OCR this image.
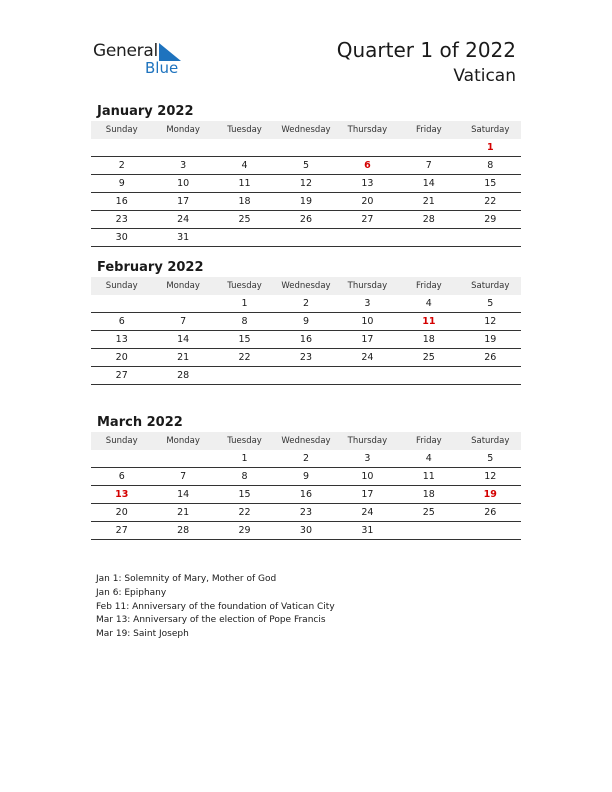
General
Blue
Quarter 1 of 2022
Vatican
January 2022
Sunday	Monday	Tuesday	Wednesday	Thursday	Friday	Saturday
						1
2	3	4	5	6	7	8
9	10	11	12	13	14	15
16	17	18	19	20	21	22
23	24	25	26	27	28	29
30	31					
February 2022
Sunday	Monday	Tuesday	Wednesday	Thursday	Friday	Saturday
		1	2	3	4	5
6	7	8	9	10	11	12
13	14	15	16	17	18	19
20	21	22	23	24	25	26
27	28					
March 2022
Sunday	Monday	Tuesday	Wednesday	Thursday	Friday	Saturday
		1	2	3	4	5
6	7	8	9	10	11	12
13	14	15	16	17	18	19
20	21	22	23	24	25	26
27	28	29	30	31		
Jan 1: Solemnity of Mary, Mother of God
Jan 6: Epiphany
Feb 11: Anniversary of the foundation of Vatican City
Mar 13: Anniversary of the election of Pope Francis
Mar 19: Saint Joseph
